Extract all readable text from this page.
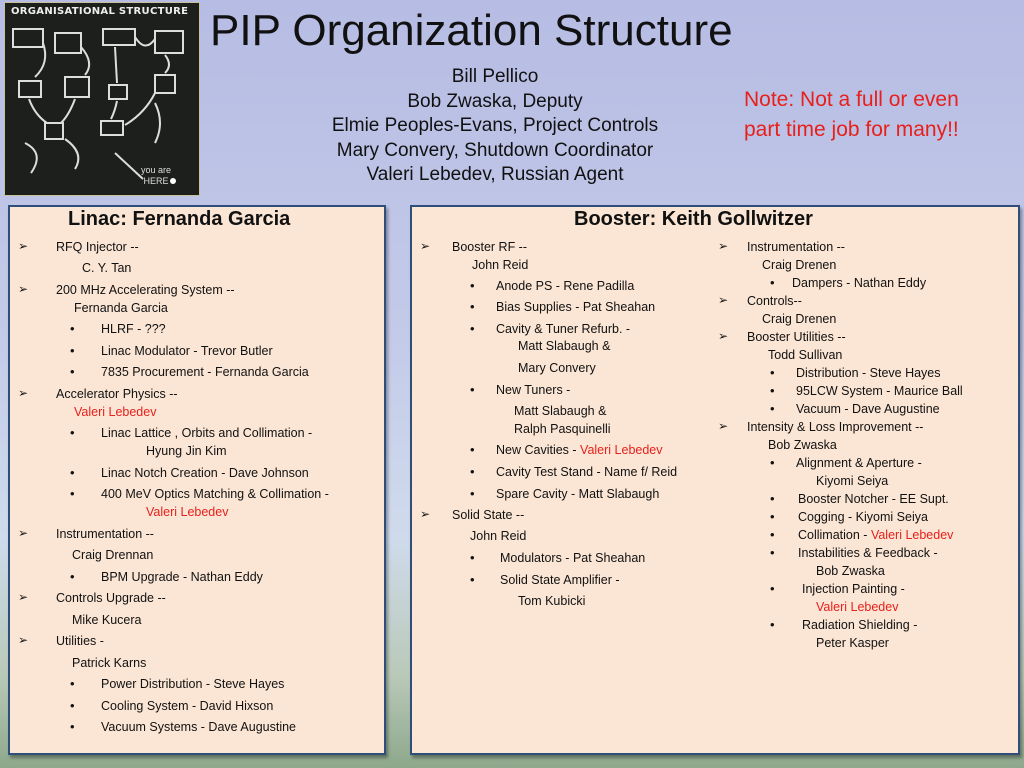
ORGANISATIONAL STRUCTURE
you are
HERE
PIP Organization Structure
Bill Pellico
Bob Zwaska, Deputy
Elmie Peoples-Evans, Project Controls
Mary Convery, Shutdown Coordinator
Valeri Lebedev, Russian Agent
Note: Not a full or even
part time job for many!!
Linac: Fernanda Garcia
➢ RFQ Injector --
C. Y. Tan
➢ 200 MHz Accelerating System --
Fernanda Garcia
• HLRF - ???
• Linac Modulator - Trevor Butler
• 7835 Procurement - Fernanda Garcia
➢ Accelerator Physics --
Valeri Lebedev
• Linac Lattice , Orbits and Collimation -
Hyung Jin Kim
• Linac Notch Creation - Dave Johnson
• 400 MeV Optics Matching & Collimation -
Valeri Lebedev
➢ Instrumentation --
Craig Drennan
• BPM Upgrade - Nathan Eddy
➢ Controls Upgrade --
Mike Kucera
➢ Utilities -
Patrick Karns
• Power Distribution - Steve Hayes
• Cooling System - David Hixson
• Vacuum Systems - Dave Augustine
Booster: Keith Gollwitzer
➢ Booster RF --
John Reid
• Anode PS - Rene Padilla
• Bias Supplies - Pat Sheahan
• Cavity & Tuner Refurb. -
Matt Slabaugh &
Mary Convery
• New Tuners -
Matt Slabaugh &
Ralph Pasquinelli
• New Cavities - Valeri Lebedev
• Cavity Test Stand - Name f/ Reid
• Spare Cavity - Matt Slabaugh
➢ Solid State --
John Reid
• Modulators - Pat Sheahan
• Solid State Amplifier -
Tom Kubicki
➢ Instrumentation --
Craig Drenen
• Dampers - Nathan Eddy
➢ Controls--
Craig Drenen
➢ Booster Utilities --
Todd Sullivan
• Distribution - Steve Hayes
• 95LCW System - Maurice Ball
• Vacuum - Dave Augustine
➢ Intensity & Loss Improvement --
Bob Zwaska
• Alignment & Aperture -
Kiyomi Seiya
• Booster Notcher - EE Supt.
• Cogging - Kiyomi Seiya
• Collimation - Valeri Lebedev
• Instabilities & Feedback -
Bob Zwaska
• Injection Painting -
Valeri Lebedev
• Radiation Shielding -
Peter Kasper
